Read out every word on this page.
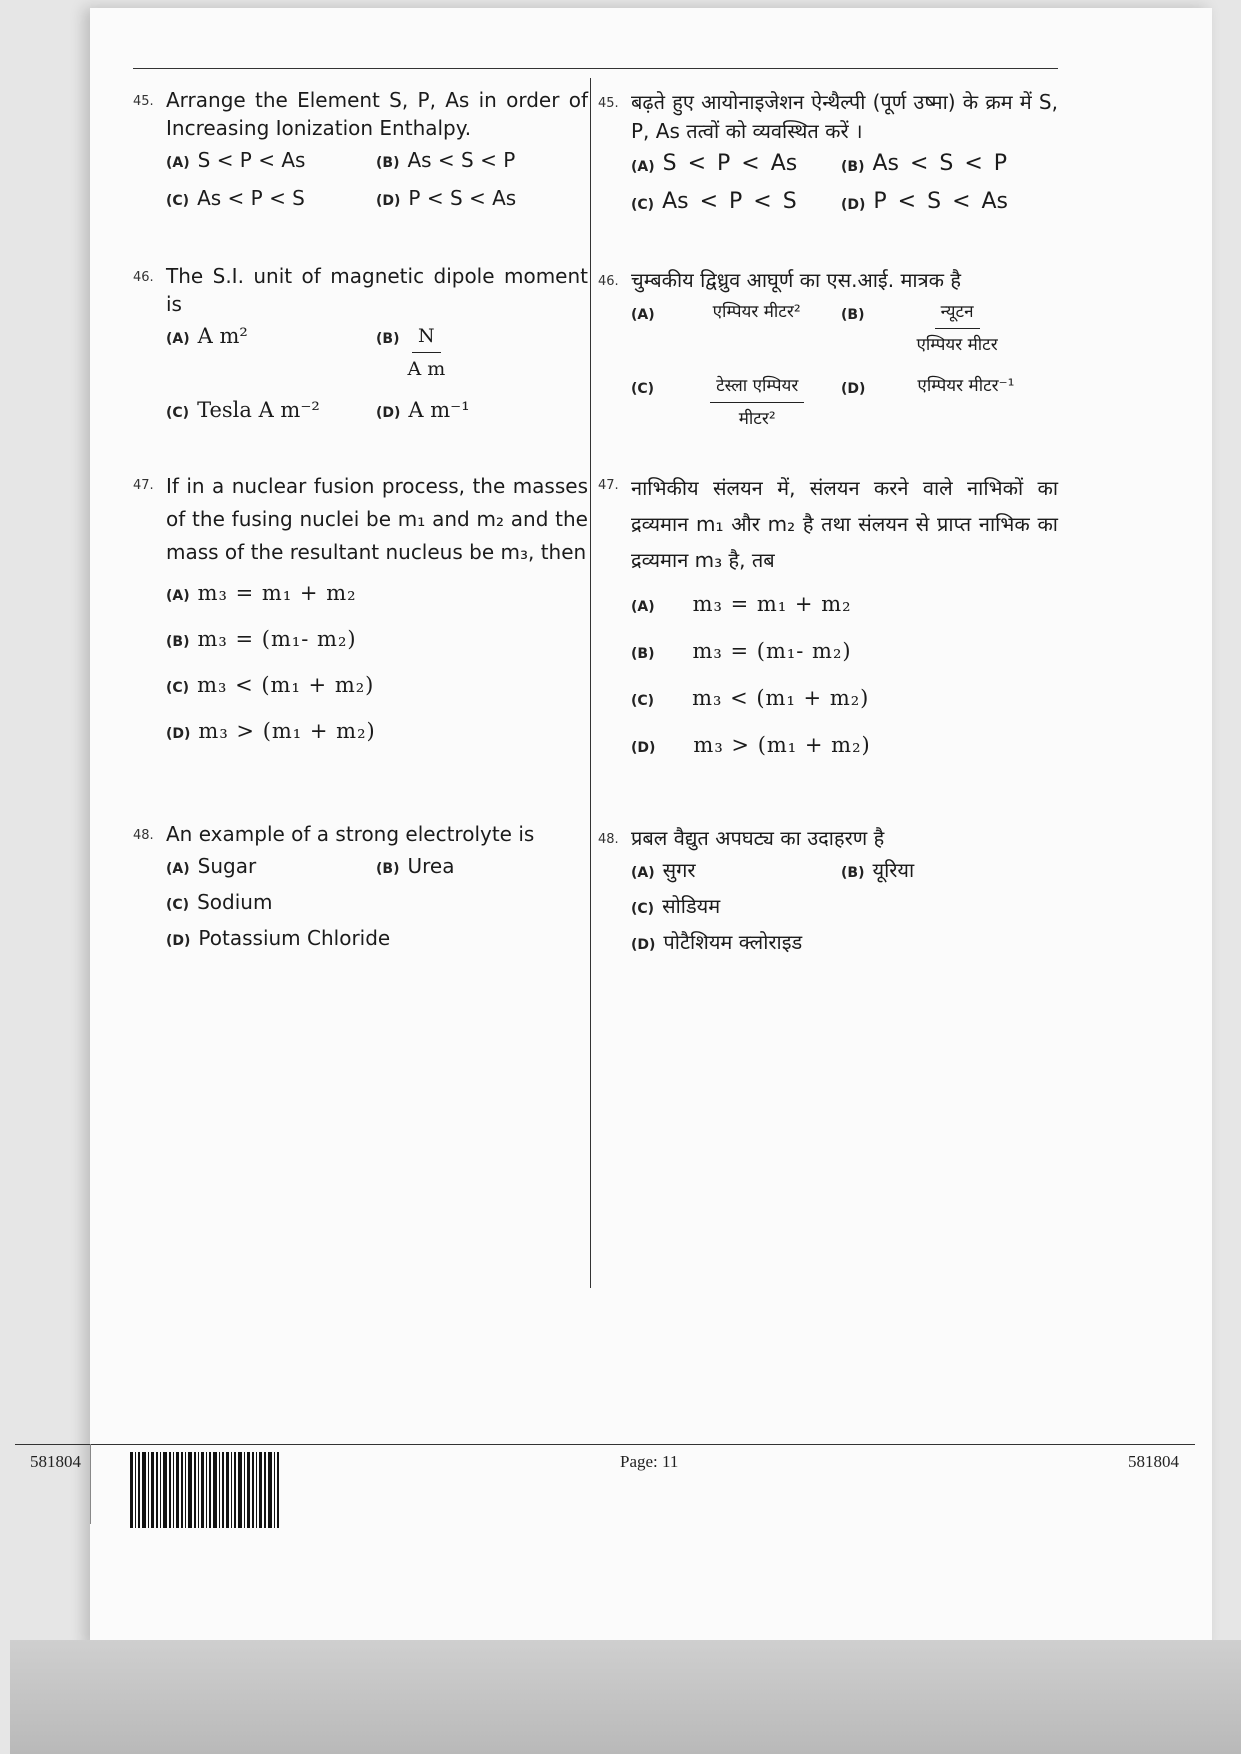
45. Arrange the Element S, P, As in order of Increasing Ionization Enthalpy.
(A) S < P < As	(B) As < S < P
(C) As < P < S	(D) P < S < As
46. The S.I. unit of magnetic dipole moment is
(A) A m²	$(B) \frac{N}{\text{A m}}$
(C) Tesla A m⁻²	(D) A m⁻¹
47. If in a nuclear fusion process, the masses of the fusing nuclei be m₁ and m₂ and the mass of the resultant nucleus be m₃, then
(A) m₃ = m₁ + m₂
(B) m₃ = (m₁- m₂)
(C) m₃ < (m₁ + m₂)
(D) m₃ > (m₁ + m₂)
48. An example of a strong electrolyte is
(A) Sugar	(B) Urea
(C) Sodium
(D) Potassium Chloride
45. बढ़ते हुए आयोनाइजेशन ऐन्थैल्पी (पूर्ण उष्मा) के क्रम में S, P, As तत्वों को व्यवस्थित करें ।
(A) S < P < As	(B) As < S < P
(C) As < P < S	(D) P < S < As
46. चुम्बकीय द्विध्रुव आघूर्ण का एस.आई. मात्रक है
(A)	एम्पियर मीटर²	(B)	$\frac{\text{न्यूटन}}{\text{एम्पियर मीटर}}$
(C)	$\frac{\text{टेस्ला एम्पियर}}{\text{मीटर²}}$	(D)	एम्पियर मीटर⁻¹
47. नाभिकीय संलयन में, संलयन करने वाले नाभिकों का द्रव्यमान m₁ और m₂ है तथा संलयन से प्राप्त नाभिक का द्रव्यमान m₃ है, तब
(A) m₃ = m₁ + m₂
(B) m₃ = (m₁- m₂)
(C) m₃ < (m₁ + m₂)
(D) m₃ > (m₁ + m₂)
48. प्रबल वैद्युत अपघट्य का उदाहरण है
(A) सुगर	(B) यूरिया
(C) सोडियम
(D) पोटैशियम क्लोराइड
581804	Page: 11	581804
